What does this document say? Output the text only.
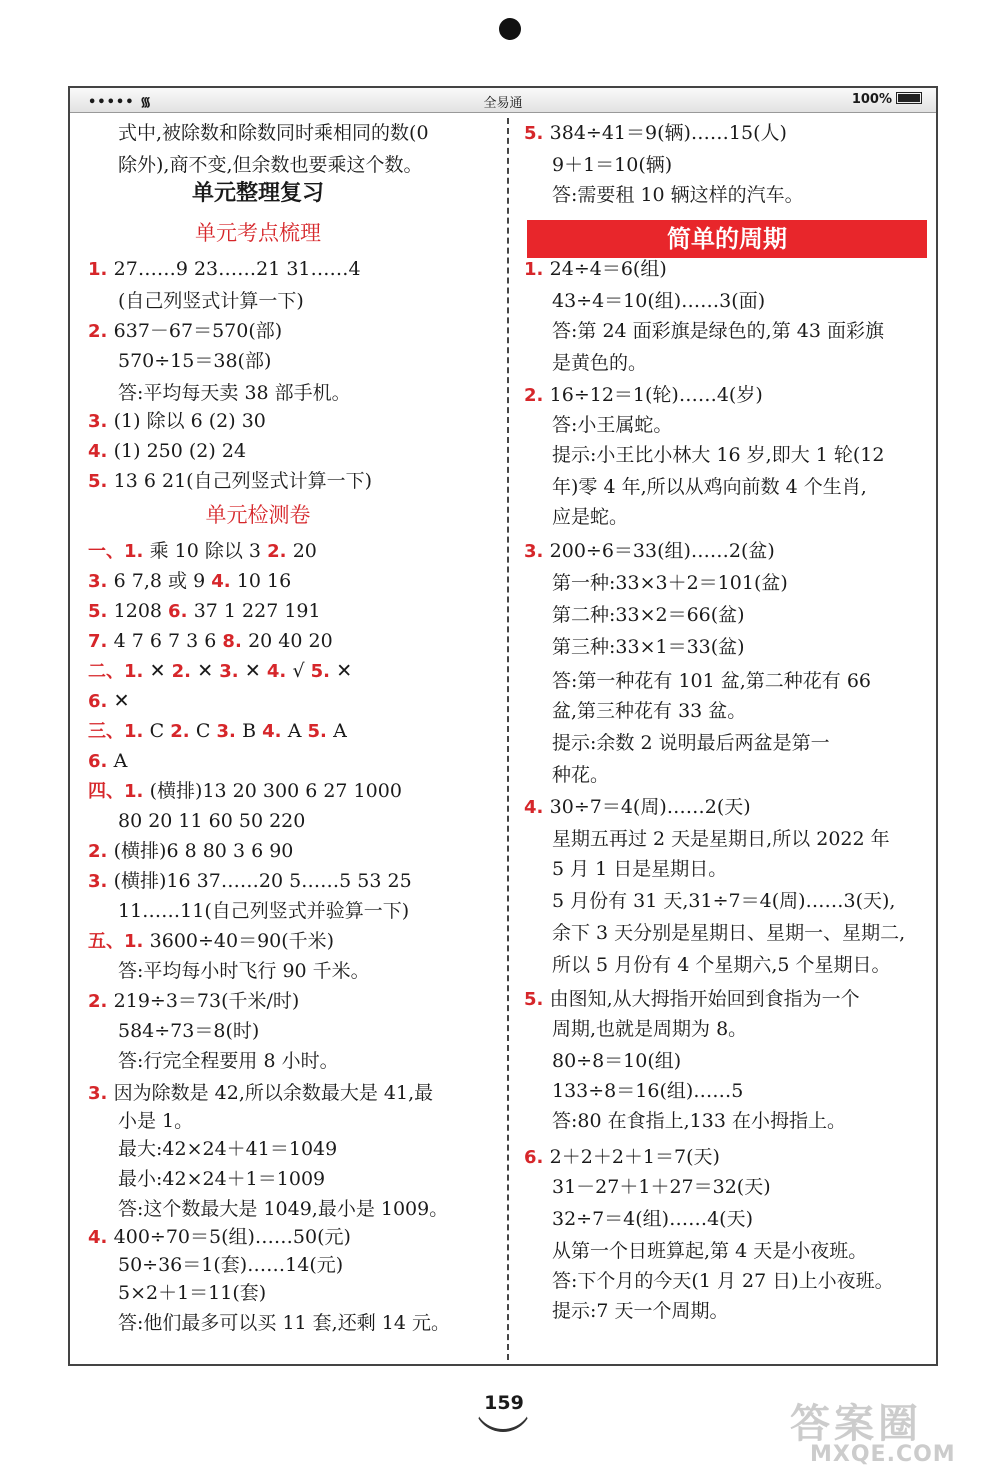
••••• ᯾	全易通	100%
式中,被除数和除数同时乘相同的数(0
除外),商不变,但余数也要乘这个数。
单元整理复习
单元考点梳理
1. 27……9 23……21 31……4
(自己列竖式计算一下)
2. 637－67＝570(部)
570÷15＝38(部)
答:平均每天卖 38 部手机。
3. (1) 除以 6 (2) 30
4. (1) 250 (2) 24
5. 13 6 21(自己列竖式计算一下)
单元检测卷
一、1. 乘 10 除以 3 2. 20
3. 6 7,8 或 9 4. 10 16
5. 1208 6. 37 1 227 191
7. 4 7 6 7 3 6 8. 20 40 20
二、1. ✕ 2. ✕ 3. ✕ 4. √ 5. ✕
6. ✕
三、1. C 2. C 3. B 4. A 5. A
6. A
四、1. (横排)13 20 300 6 27 1000
80 20 11 60 50 220
2. (横排)6 8 80 3 6 90
3. (横排)16 37……20 5……5 53 25
11……11(自己列竖式并验算一下)
五、1. 3600÷40＝90(千米)
答:平均每小时飞行 90 千米。
2. 219÷3＝73(千米/时)
584÷73＝8(时)
答:行完全程要用 8 小时。
3. 因为除数是 42,所以余数最大是 41,最
小是 1。
最大:42×24＋41＝1049
最小:42×24＋1＝1009
答:这个数最大是 1049,最小是 1009。
4. 400÷70＝5(组)……50(元)
50÷36＝1(套)……14(元)
5×2＋1＝11(套)
答:他们最多可以买 11 套,还剩 14 元。
5. 384÷41＝9(辆)……15(人)
9＋1＝10(辆)
答:需要租 10 辆这样的汽车。
1. 24÷4＝6(组)
43÷4＝10(组)……3(面)
答:第 24 面彩旗是绿色的,第 43 面彩旗
是黄色的。
2. 16÷12＝1(轮)……4(岁)
答:小王属蛇。
提示:小王比小林大 16 岁,即大 1 轮(12
年)零 4 年,所以从鸡向前数 4 个生肖,
应是蛇。
3. 200÷6＝33(组)……2(盆)
第一种:33×3＋2＝101(盆)
第二种:33×2＝66(盆)
第三种:33×1＝33(盆)
答:第一种花有 101 盆,第二种花有 66
盆,第三种花有 33 盆。
提示:余数 2 说明最后两盆是第一
种花。
4. 30÷7＝4(周)……2(天)
星期五再过 2 天是星期日,所以 2022 年
5 月 1 日是星期日。
5 月份有 31 天,31÷7＝4(周)……3(天),
余下 3 天分别是星期日、星期一、星期二,
所以 5 月份有 4 个星期六,5 个星期日。
5. 由图知,从大拇指开始回到食指为一个
周期,也就是周期为 8。
80÷8＝10(组)
133÷8＝16(组)……5
答:80 在食指上,133 在小拇指上。
6. 2＋2＋2＋1＝7(天)
31－27＋1＋27＝32(天)
32÷7＝4(组)……4(天)
从第一个日班算起,第 4 天是小夜班。
答:下个月的今天(1 月 27 日)上小夜班。
提示:7 天一个周期。
简单的周期
159	答案圈
MXQE.COM
